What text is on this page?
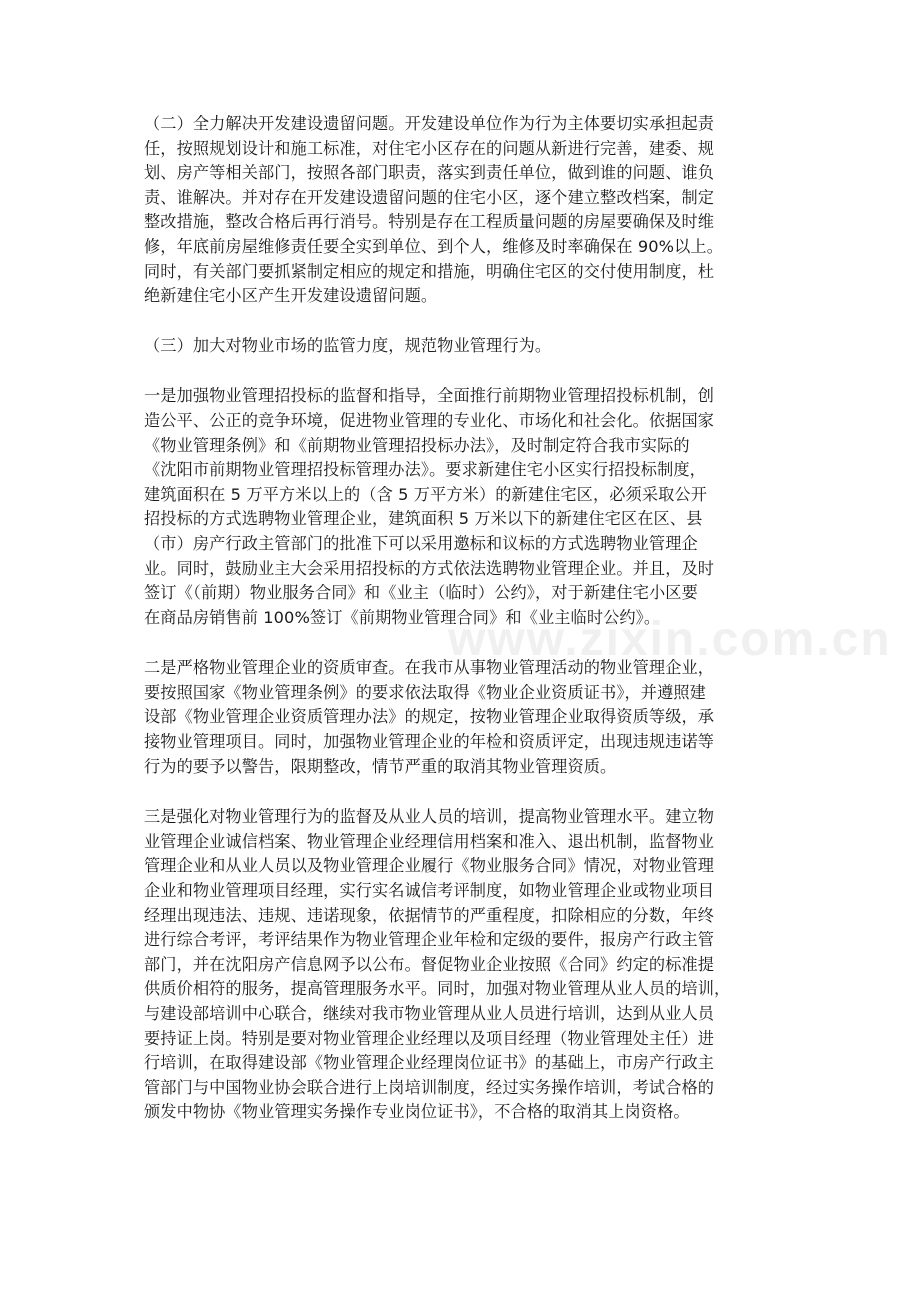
（二）全力解决开发建设遗留问题。开发建设单位作为行为主体要切实承担起责
任，按照规划设计和施工标准，对住宅小区存在的问题从新进行完善，建委、规
划、房产等相关部门，按照各部门职责，落实到责任单位，做到谁的问题、谁负
责、谁解决。并对存在开发建设遗留问题的住宅小区，逐个建立整改档案，制定
整改措施，整改合格后再行消号。特别是存在工程质量问题的房屋要确保及时维
修，年底前房屋维修责任要全实到单位、到个人，维修及时率确保在 90%以上。
同时，有关部门要抓紧制定相应的规定和措施，明确住宅区的交付使用制度，杜
绝新建住宅小区产生开发建设遗留问题。

（三）加大对物业市场的监管力度，规范物业管理行为。

一是加强物业管理招投标的监督和指导，全面推行前期物业管理招投标机制，创
造公平、公正的竞争环境，促进物业管理的专业化、市场化和社会化。依据国家
《物业管理条例》和《前期物业管理招投标办法》，及时制定符合我市实际的
《沈阳市前期物业管理招投标管理办法》。要求新建住宅小区实行招投标制度，
建筑面积在 5 万平方米以上的（含 5 万平方米）的新建住宅区，必须采取公开
招投标的方式选聘物业管理企业，建筑面积 5 万米以下的新建住宅区在区、县
（市）房产行政主管部门的批准下可以采用邀标和议标的方式选聘物业管理企
业。同时，鼓励业主大会采用招投标的方式依法选聘物业管理企业。并且，及时
签订《（前期）物业服务合同》和《业主（临时）公约》，对于新建住宅小区要
在商品房销售前 100%签订《前期物业管理合同》和《业主临时公约》。

二是严格物业管理企业的资质审查。在我市从事物业管理活动的物业管理企业，
要按照国家《物业管理条例》的要求依法取得《物业企业资质证书》，并遵照建
设部《物业管理企业资质管理办法》的规定，按物业管理企业取得资质等级，承
接物业管理项目。同时，加强物业管理企业的年检和资质评定，出现违规违诺等
行为的要予以警告，限期整改，情节严重的取消其物业管理资质。

三是强化对物业管理行为的监督及从业人员的培训，提高物业管理水平。建立物
业管理企业诚信档案、物业管理企业经理信用档案和准入、退出机制，监督物业
管理企业和从业人员以及物业管理企业履行《物业服务合同》情况，对物业管理
企业和物业管理项目经理，实行实名诚信考评制度，如物业管理企业或物业项目
经理出现违法、违规、违诺现象，依据情节的严重程度，扣除相应的分数，年终
进行综合考评，考评结果作为物业管理企业年检和定级的要件，报房产行政主管
部门，并在沈阳房产信息网予以公布。督促物业企业按照《合同》约定的标准提
供质价相符的服务，提高管理服务水平。同时，加强对物业管理从业人员的培训，
与建设部培训中心联合，继续对我市物业管理从业人员进行培训，达到从业人员
要持证上岗。特别是要对物业管理企业经理以及项目经理（物业管理处主任）进
行培训，在取得建设部《物业管理企业经理岗位证书》的基础上，市房产行政主
管部门与中国物业协会联合进行上岗培训制度，经过实务操作培训，考试合格的
颁发中物协《物业管理实务操作专业岗位证书》，不合格的取消其上岗资格。

www.zixin.com.cn
